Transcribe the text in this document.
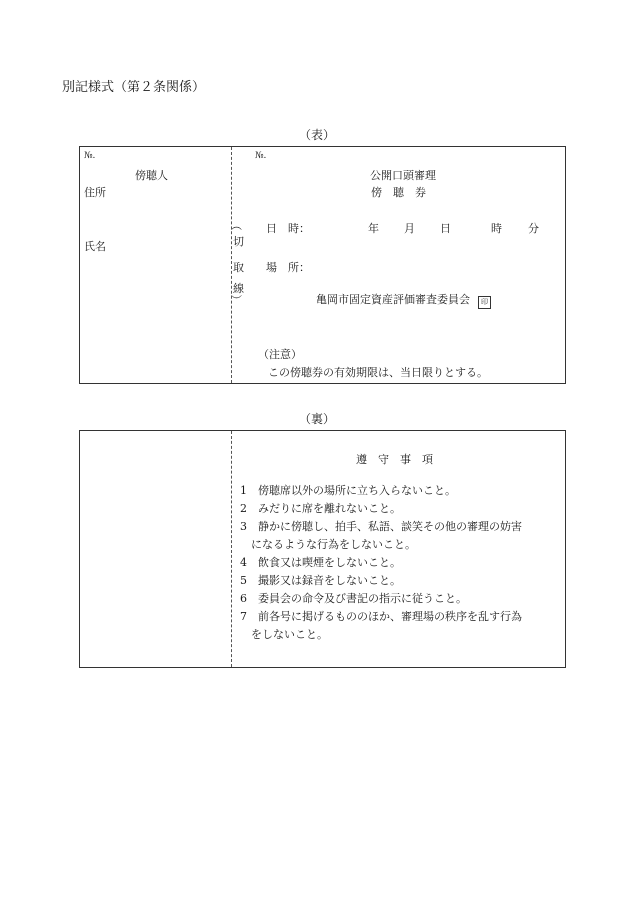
別記様式（第２条関係）
（表）
№.
傍聴人
住所
氏名
︵
切
取
線
︶
№.
公開口頭審理
傍　聴　券
日　時：	年 月 日	時 分
場　所：
亀岡市固定資産評価審査委員会 印
（注意）
この傍聴券の有効期限は、当日限りとする。
（裏）
遵　守　事　項
1　傍聴席以外の場所に立ち入らないこと。
2　みだりに席を離れないこと。
3　静かに傍聴し、拍手、私語、談笑その他の審理の妨害
　になるような行為をしないこと。
4　飲食又は喫煙をしないこと。
5　撮影又は録音をしないこと。
6　委員会の命令及び書記の指示に従うこと。
7　前各号に掲げるもののほか、審理場の秩序を乱す行為
　をしないこと。
